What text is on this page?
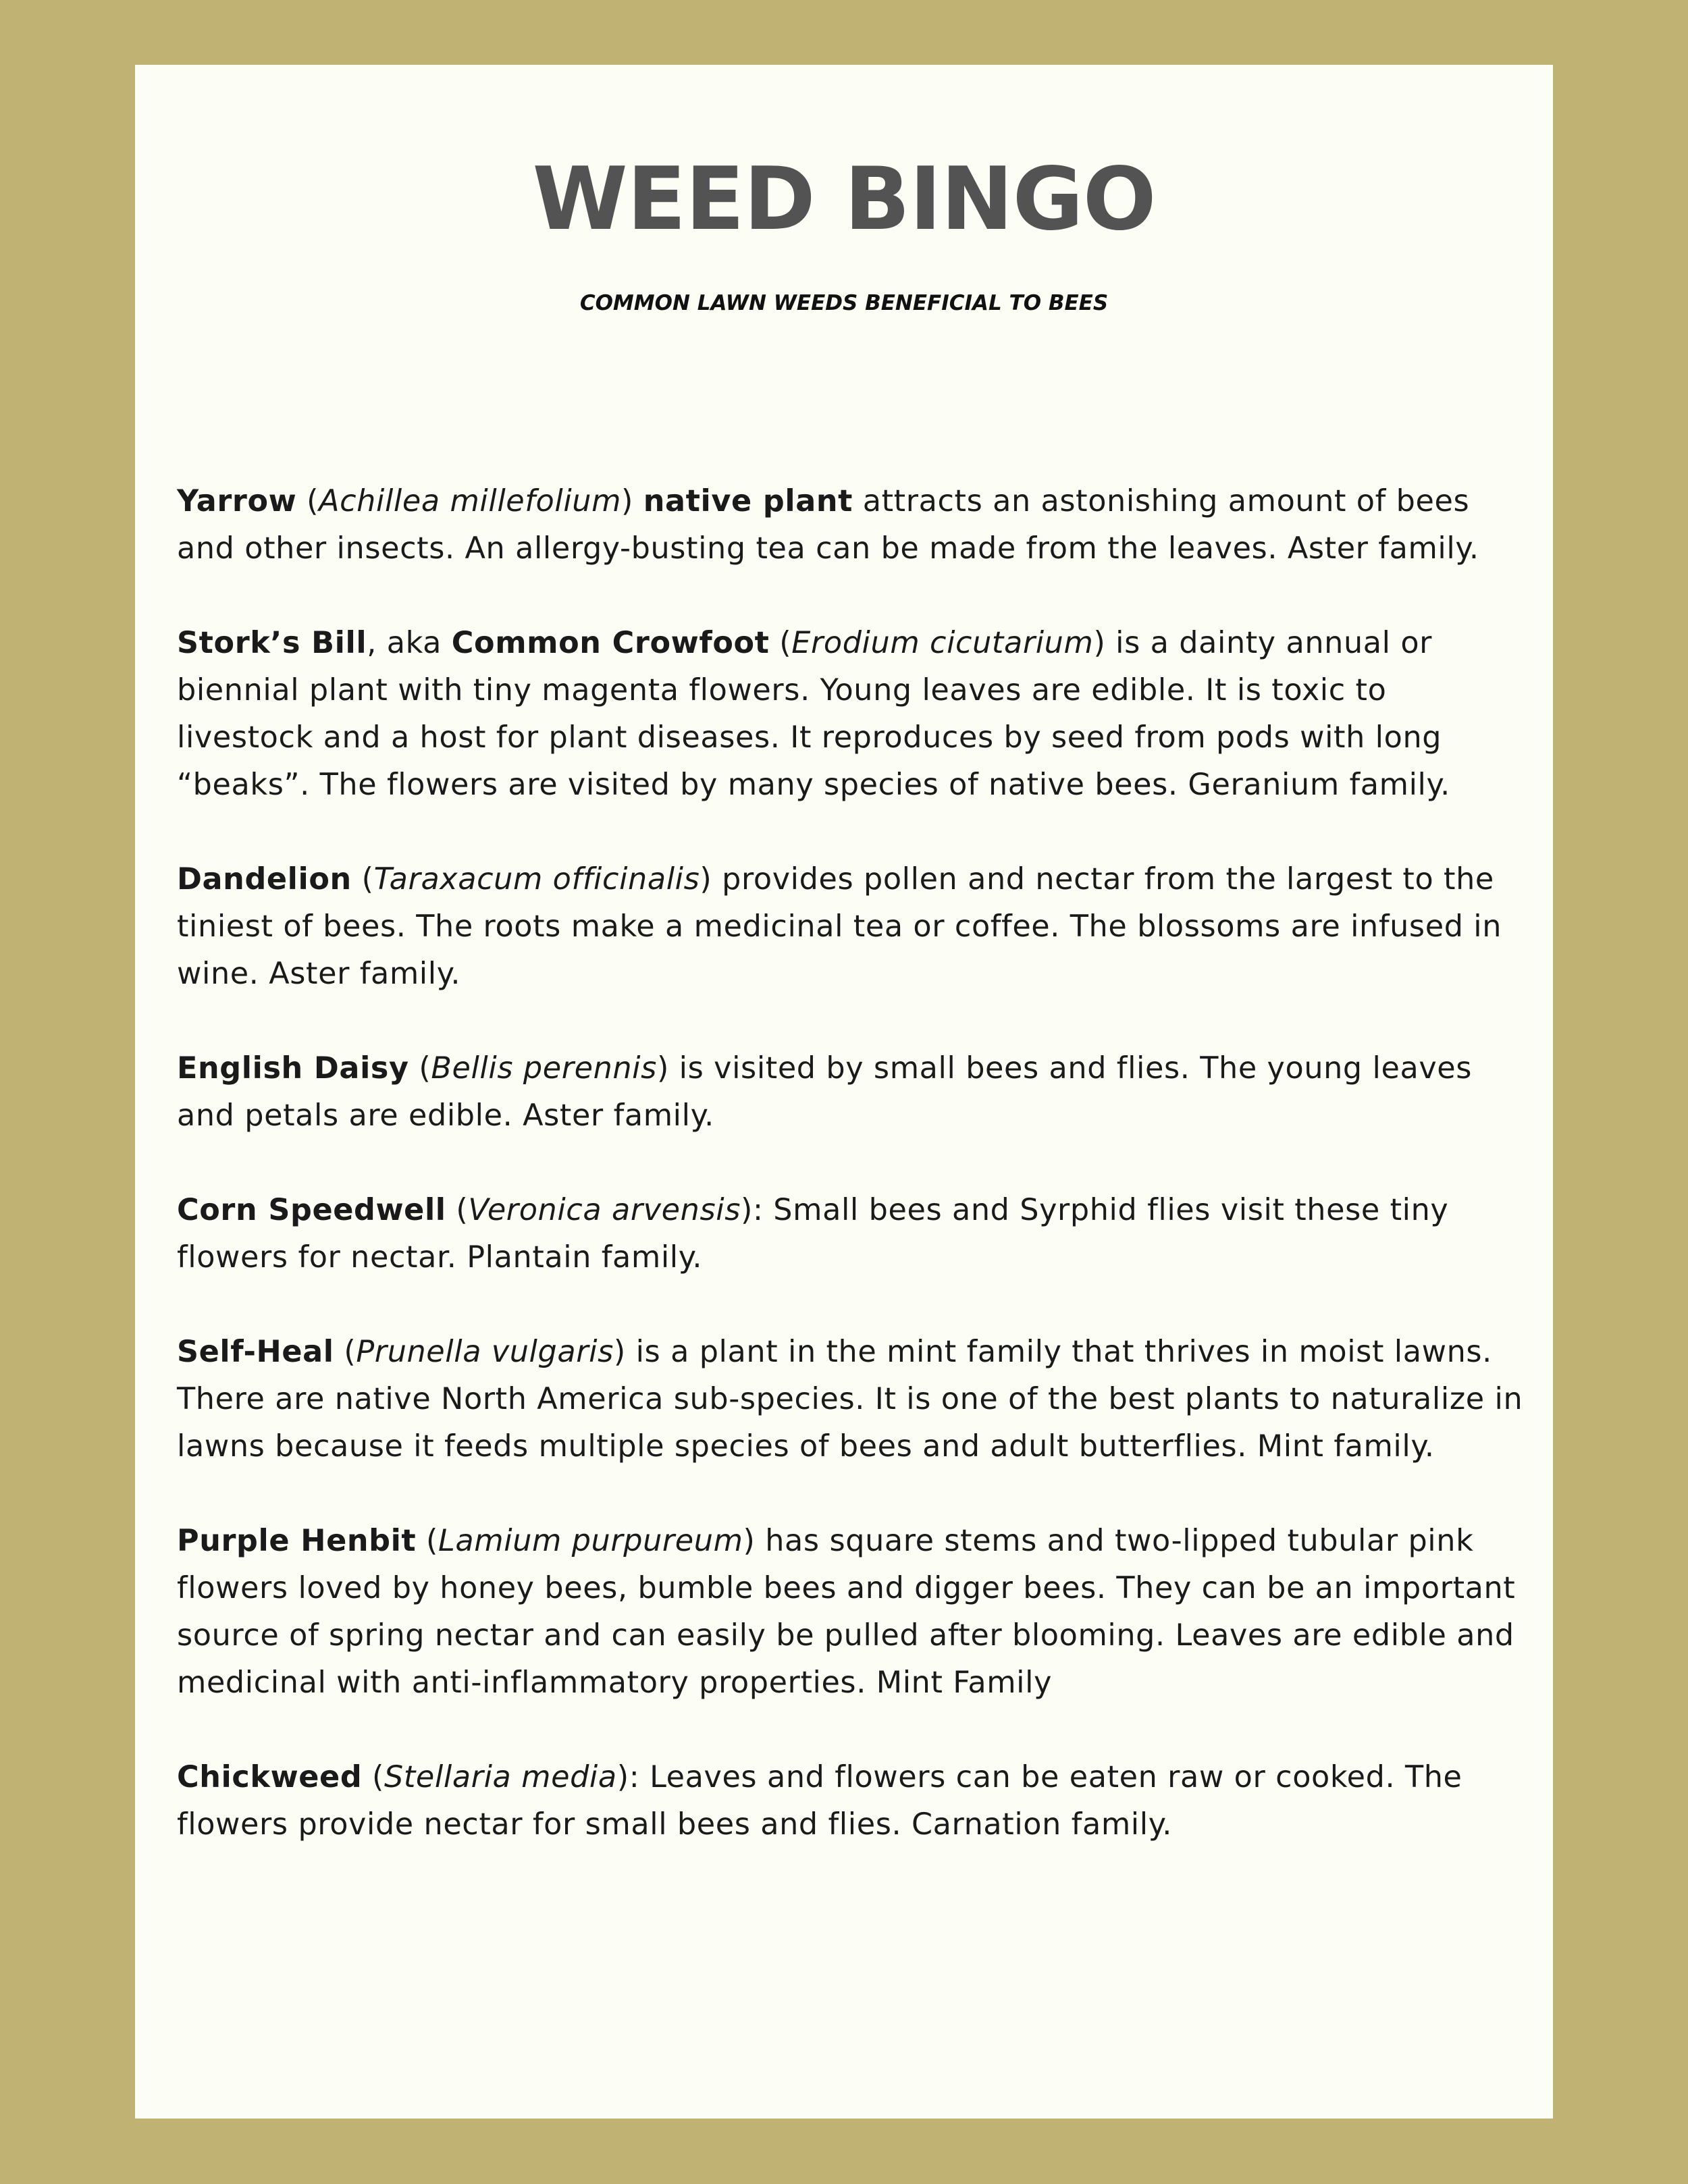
WEED BINGO

COMMON LAWN WEEDS BENEFICIAL TO BEES

Yarrow (Achillea millefolium) native plant attracts an astonishing amount of bees and other insects. An allergy-busting tea can be made from the leaves. Aster family.

Stork’s Bill, aka Common Crowfoot (Erodium cicutarium) is a dainty annual or biennial plant with tiny magenta flowers. Young leaves are edible. It is toxic to livestock and a host for plant diseases. It reproduces by seed from pods with long “beaks”. The flowers are visited by many species of native bees. Geranium family.

Dandelion (Taraxacum officinalis) provides pollen and nectar from the largest to the tiniest of bees. The roots make a medicinal tea or coffee. The blossoms are infused in wine. Aster family.

English Daisy (Bellis perennis) is visited by small bees and flies. The young leaves and petals are edible. Aster family.

Corn Speedwell (Veronica arvensis): Small bees and Syrphid flies visit these tiny flowers for nectar. Plantain family.

Self-Heal (Prunella vulgaris) is a plant in the mint family that thrives in moist lawns. There are native North America sub-species. It is one of the best plants to naturalize in lawns because it feeds multiple species of bees and adult butterflies. Mint family.

Purple Henbit (Lamium purpureum) has square stems and two-lipped tubular pink flowers loved by honey bees, bumble bees and digger bees. They can be an important source of spring nectar and can easily be pulled after blooming. Leaves are edible and medicinal with anti-inflammatory properties. Mint Family

Chickweed (Stellaria media): Leaves and flowers can be eaten raw or cooked. The flowers provide nectar for small bees and flies. Carnation family.
